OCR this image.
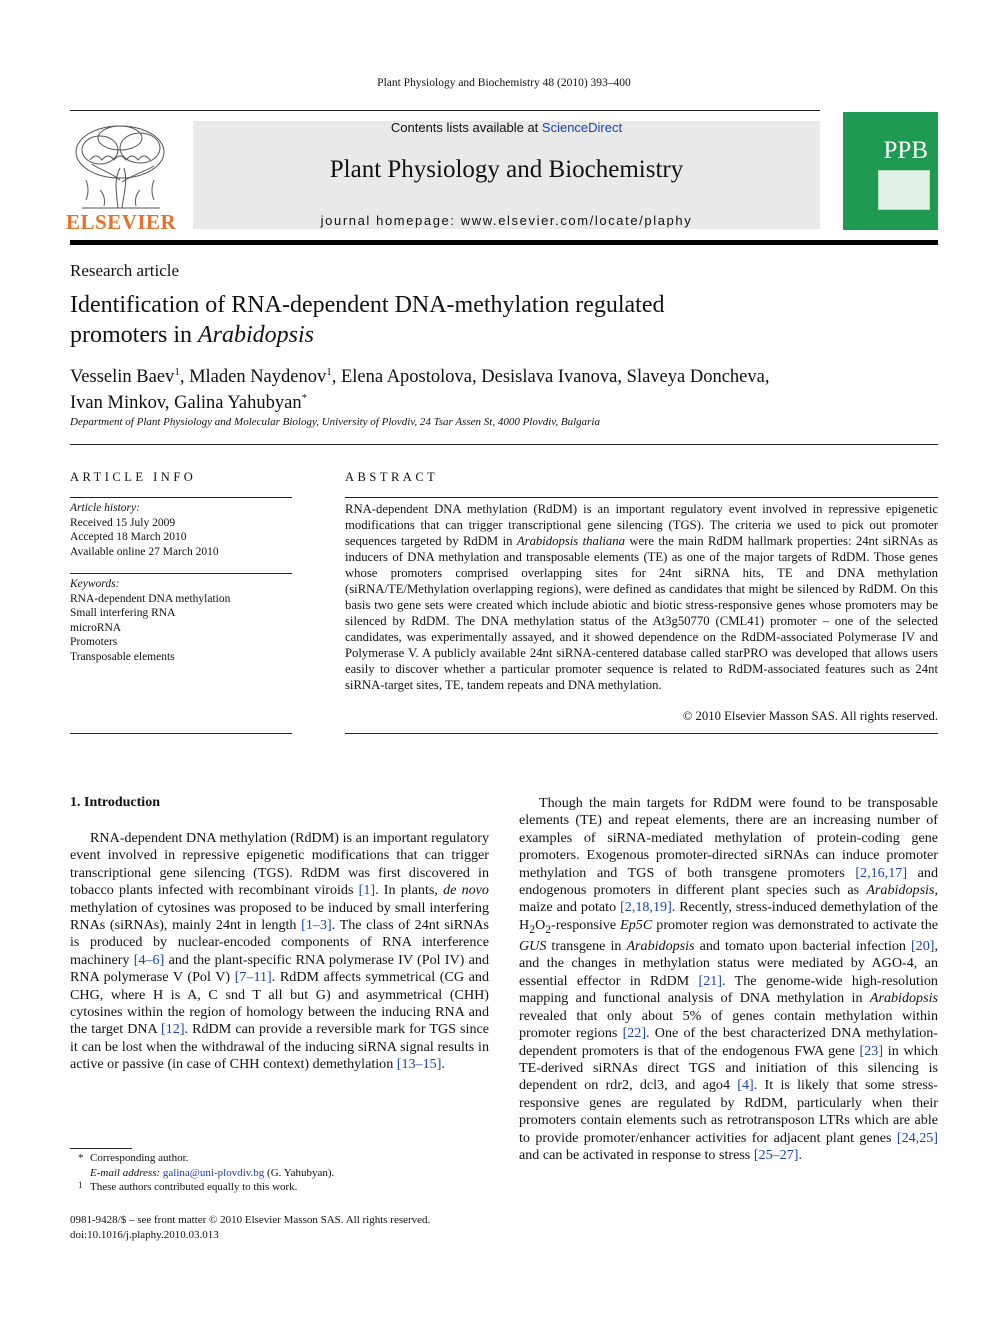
Plant Physiology and Biochemistry 48 (2010) 393–400
ELSEVIER
Contents lists available at ScienceDirect
Plant Physiology and Biochemistry
journal homepage: www.elsevier.com/locate/plaphy
PPB
Research article
Identification of RNA-dependent DNA-methylation regulated
promoters in Arabidopsis
Vesselin Baev$^1$, Mladen Naydenov$^1$, Elena Apostolova, Desislava Ivanova, Slaveya Doncheva,
Ivan Minkov, Galina Yahubyan*
Department of Plant Physiology and Molecular Biology, University of Plovdiv, 24 Tsar Assen St, 4000 Plovdiv, Bulgaria
ARTICLE INFO
Article history:
Received 15 July 2009
Accepted 18 March 2010
Available online 27 March 2010
Keywords:
RNA-dependent DNA methylation
Small interfering RNA
microRNA
Promoters
Transposable elements
ABSTRACT
RNA-dependent DNA methylation (RdDM) is an important regulatory event involved in repressive epigenetic modifications that can trigger transcriptional gene silencing (TGS). The criteria we used to pick out promoter sequences targeted by RdDM in Arabidopsis thaliana were the main RdDM hallmark properties: 24nt siRNAs as inducers of DNA methylation and transposable elements (TE) as one of the major targets of RdDM. Those genes whose promoters comprised overlapping sites for 24nt siRNA hits, TE and DNA methylation (siRNA/TE/Methylation overlapping regions), were defined as candidates that might be silenced by RdDM. On this basis two gene sets were created which include abiotic and biotic stress-responsive genes whose promoters may be silenced by RdDM. The DNA methylation status of the At3g50770 (CML41) promoter – one of the selected candidates, was experimentally assayed, and it showed dependence on the RdDM-associated Polymerase IV and Polymerase V. A publicly available 24nt siRNA-centered database called starPRO was developed that allows users easily to discover whether a particular promoter sequence is related to RdDM-associated features such as 24nt siRNA-target sites, TE, tandem repeats and DNA methylation.
© 2010 Elsevier Masson SAS. All rights reserved.
1. Introduction

RNA-dependent DNA methylation (RdDM) is an important regulatory event involved in repressive epigenetic modifications that can trigger transcriptional gene silencing (TGS). RdDM was first discovered in tobacco plants infected with recombinant viroids [1]. In plants, de novo methylation of cytosines was proposed to be induced by small interfering RNAs (siRNAs), mainly 24nt in length [1–3]. The class of 24nt siRNAs is produced by nuclear-encoded components of RNA interference machinery [4–6] and the plant-specific RNA polymerase IV (Pol IV) and RNA polymerase V (Pol V) [7–11]. RdDM affects symmetrical (CG and CHG, where H is A, C snd T all but G) and asymmetrical (CHH) cytosines within the region of homology between the inducing RNA and the target DNA [12]. RdDM can provide a reversible mark for TGS since it can be lost when the withdrawal of the inducing siRNA signal results in active or passive (in case of CHH context) demethylation [13–15].

Though the main targets for RdDM were found to be transposable elements (TE) and repeat elements, there are an increasing number of examples of siRNA-mediated methylation of protein-coding gene promoters. Exogenous promoter-directed siRNAs can induce promoter methylation and TGS of both transgene promoters [2,16,17] and endogenous promoters in different plant species such as Arabidopsis, maize and potato [2,18,19]. Recently, stress-induced demethylation of the $H_2O_2$-responsive Ep5C promoter region was demonstrated to activate the GUS transgene in Arabidopsis and tomato upon bacterial infection [20], and the changes in methylation status were mediated by AGO-4, an essential effector in RdDM [21]. The genome-wide high-resolution mapping and functional analysis of DNA methylation in Arabidopsis revealed that only about 5% of genes contain methylation within promoter regions [22]. One of the best characterized DNA methylation-dependent promoters is that of the endogenous FWA gene [23] in which TE-derived siRNAs direct TGS and initiation of this silencing is dependent on rdr2, dcl3, and ago4 [4]. It is likely that some stress-responsive genes are regulated by RdDM, particularly when their promoters contain elements such as retrotransposon LTRs which are able to provide promoter/enhancer activities for adjacent plant genes [24,25] and can be activated in response to stress [25–27].

* Corresponding author.
E-mail address: galina@uni-plovdiv.bg (G. Yahubyan).
1 These authors contributed equally to this work.
0981-9428/$ – see front matter © 2010 Elsevier Masson SAS. All rights reserved.
doi:10.1016/j.plaphy.2010.03.013
